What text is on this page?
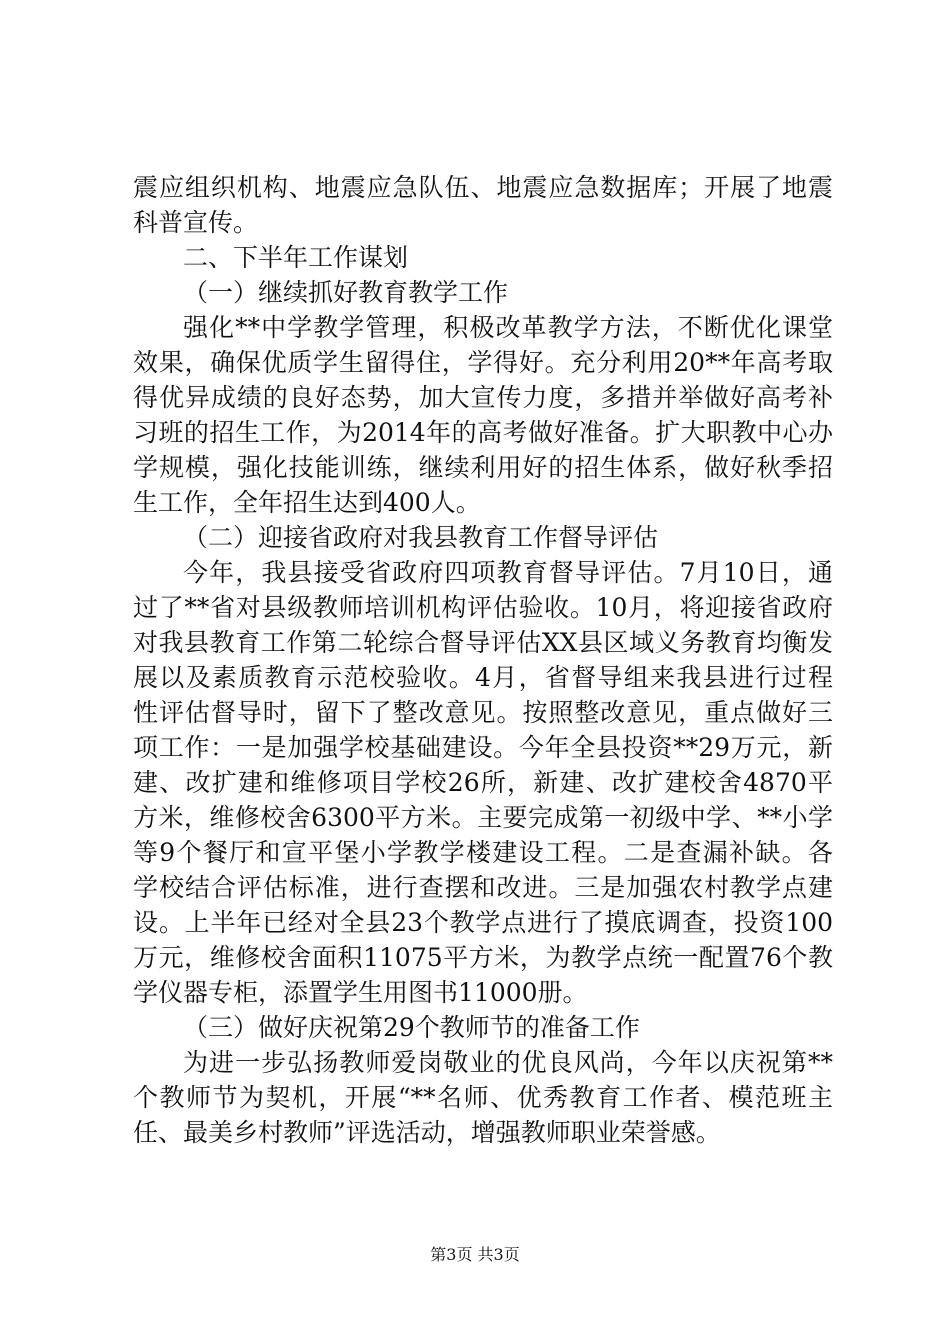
震应组织机构、地震应急队伍、地震应急数据库；开展了地震
科普宣传。
二、下半年工作谋划
（一）继续抓好教育教学工作
强化**中学教学管理，积极改革教学方法，不断优化课堂
效果，确保优质学生留得住，学得好。充分利用20**年高考取
得优异成绩的良好态势，加大宣传力度，多措并举做好高考补
习班的招生工作，为2014年的高考做好准备。扩大职教中心办
学规模，强化技能训练，继续利用好的招生体系，做好秋季招
生工作，全年招生达到400人。
（二）迎接省政府对我县教育工作督导评估
今年，我县接受省政府四项教育督导评估。7月10日，通
过了**省对县级教师培训机构评估验收。10月，将迎接省政府
对我县教育工作第二轮综合督导评估XX县区域义务教育均衡发
展以及素质教育示范校验收。4月，省督导组来我县进行过程
性评估督导时，留下了整改意见。按照整改意见，重点做好三
项工作：一是加强学校基础建设。今年全县投资**29万元，新
建、改扩建和维修项目学校26所，新建、改扩建校舍4870平
方米，维修校舍6300平方米。主要完成第一初级中学、**小学
等9个餐厅和宣平堡小学教学楼建设工程。二是查漏补缺。各
学校结合评估标准，进行查摆和改进。三是加强农村教学点建
设。上半年已经对全县23个教学点进行了摸底调查，投资100
万元，维修校舍面积11075平方米，为教学点统一配置76个教
学仪器专柜，添置学生用图书11000册。
（三）做好庆祝第29个教师节的准备工作
为进一步弘扬教师爱岗敬业的优良风尚，今年以庆祝第**
个教师节为契机，开展“**名师、优秀教育工作者、模范班主
任、最美乡村教师”评选活动，增强教师职业荣誉感。
第3页 共3页
